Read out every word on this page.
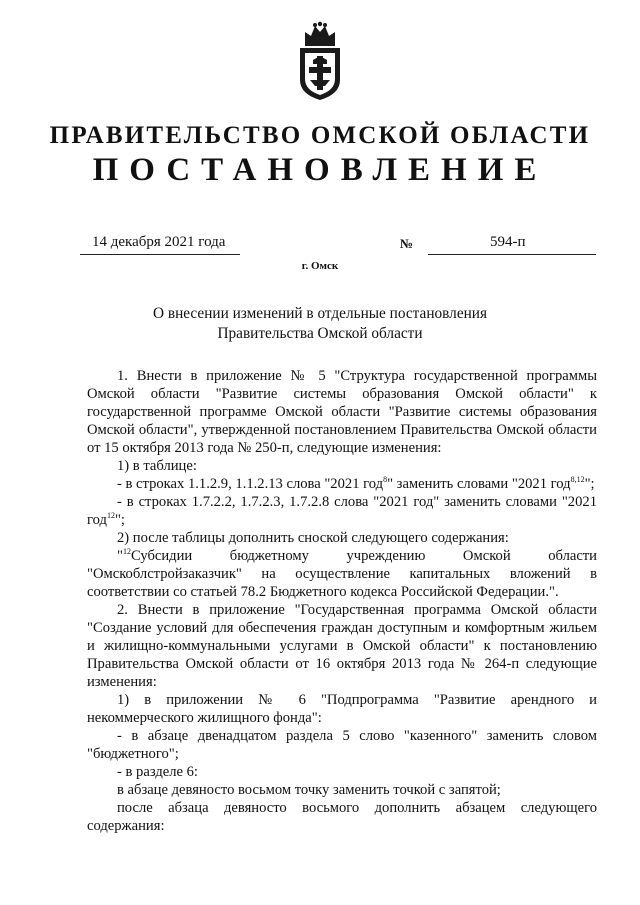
ПРАВИТЕЛЬСТВО ОМСКОЙ ОБЛАСТИ
ПОСТАНОВЛЕНИЕ
14 декабря 2021 года	№	594-п
г. Омск
О внесении изменений в отдельные постановления
Правительства Омской области

1. Внести в приложение № 5 "Структура государственной программы Омской области "Развитие системы образования Омской области" к государственной программе Омской области "Развитие системы образования Омской области", утвержденной постановлением Правительства Омской области от 15 октября 2013 года № 250-п, следующие изменения:

1) в таблице:

- в строках 1.1.2.9, 1.1.2.13 слова "2021 год$^8$" заменить словами "2021 год$^{8,12}$";

- в строках 1.7.2.2, 1.7.2.3, 1.7.2.8 слова "2021 год" заменить словами "2021 год$^{12}$";

2) после таблицы дополнить сноской следующего содержания:

"$^{12}$Субсидии бюджетному учреждению Омской области "Омскоблстройзаказчик" на осуществление капитальных вложений в соответствии со статьей 78.2 Бюджетного кодекса Российской Федерации.".

2. Внести в приложение "Государственная программа Омской области "Создание условий для обеспечения граждан доступным и комфортным жильем и жилищно-коммунальными услугами в Омской области" к постановлению Правительства Омской области от 16 октября 2013 года № 264-п следующие изменения:

1) в приложении № 6 "Подпрограмма "Развитие арендного и некоммерческого жилищного фонда":

- в абзаце двенадцатом раздела 5 слово "казенного" заменить словом "бюджетного";

- в разделе 6:

в абзаце девяносто восьмом точку заменить точкой с запятой;

после абзаца девяносто восьмого дополнить абзацем следующего содержания:
